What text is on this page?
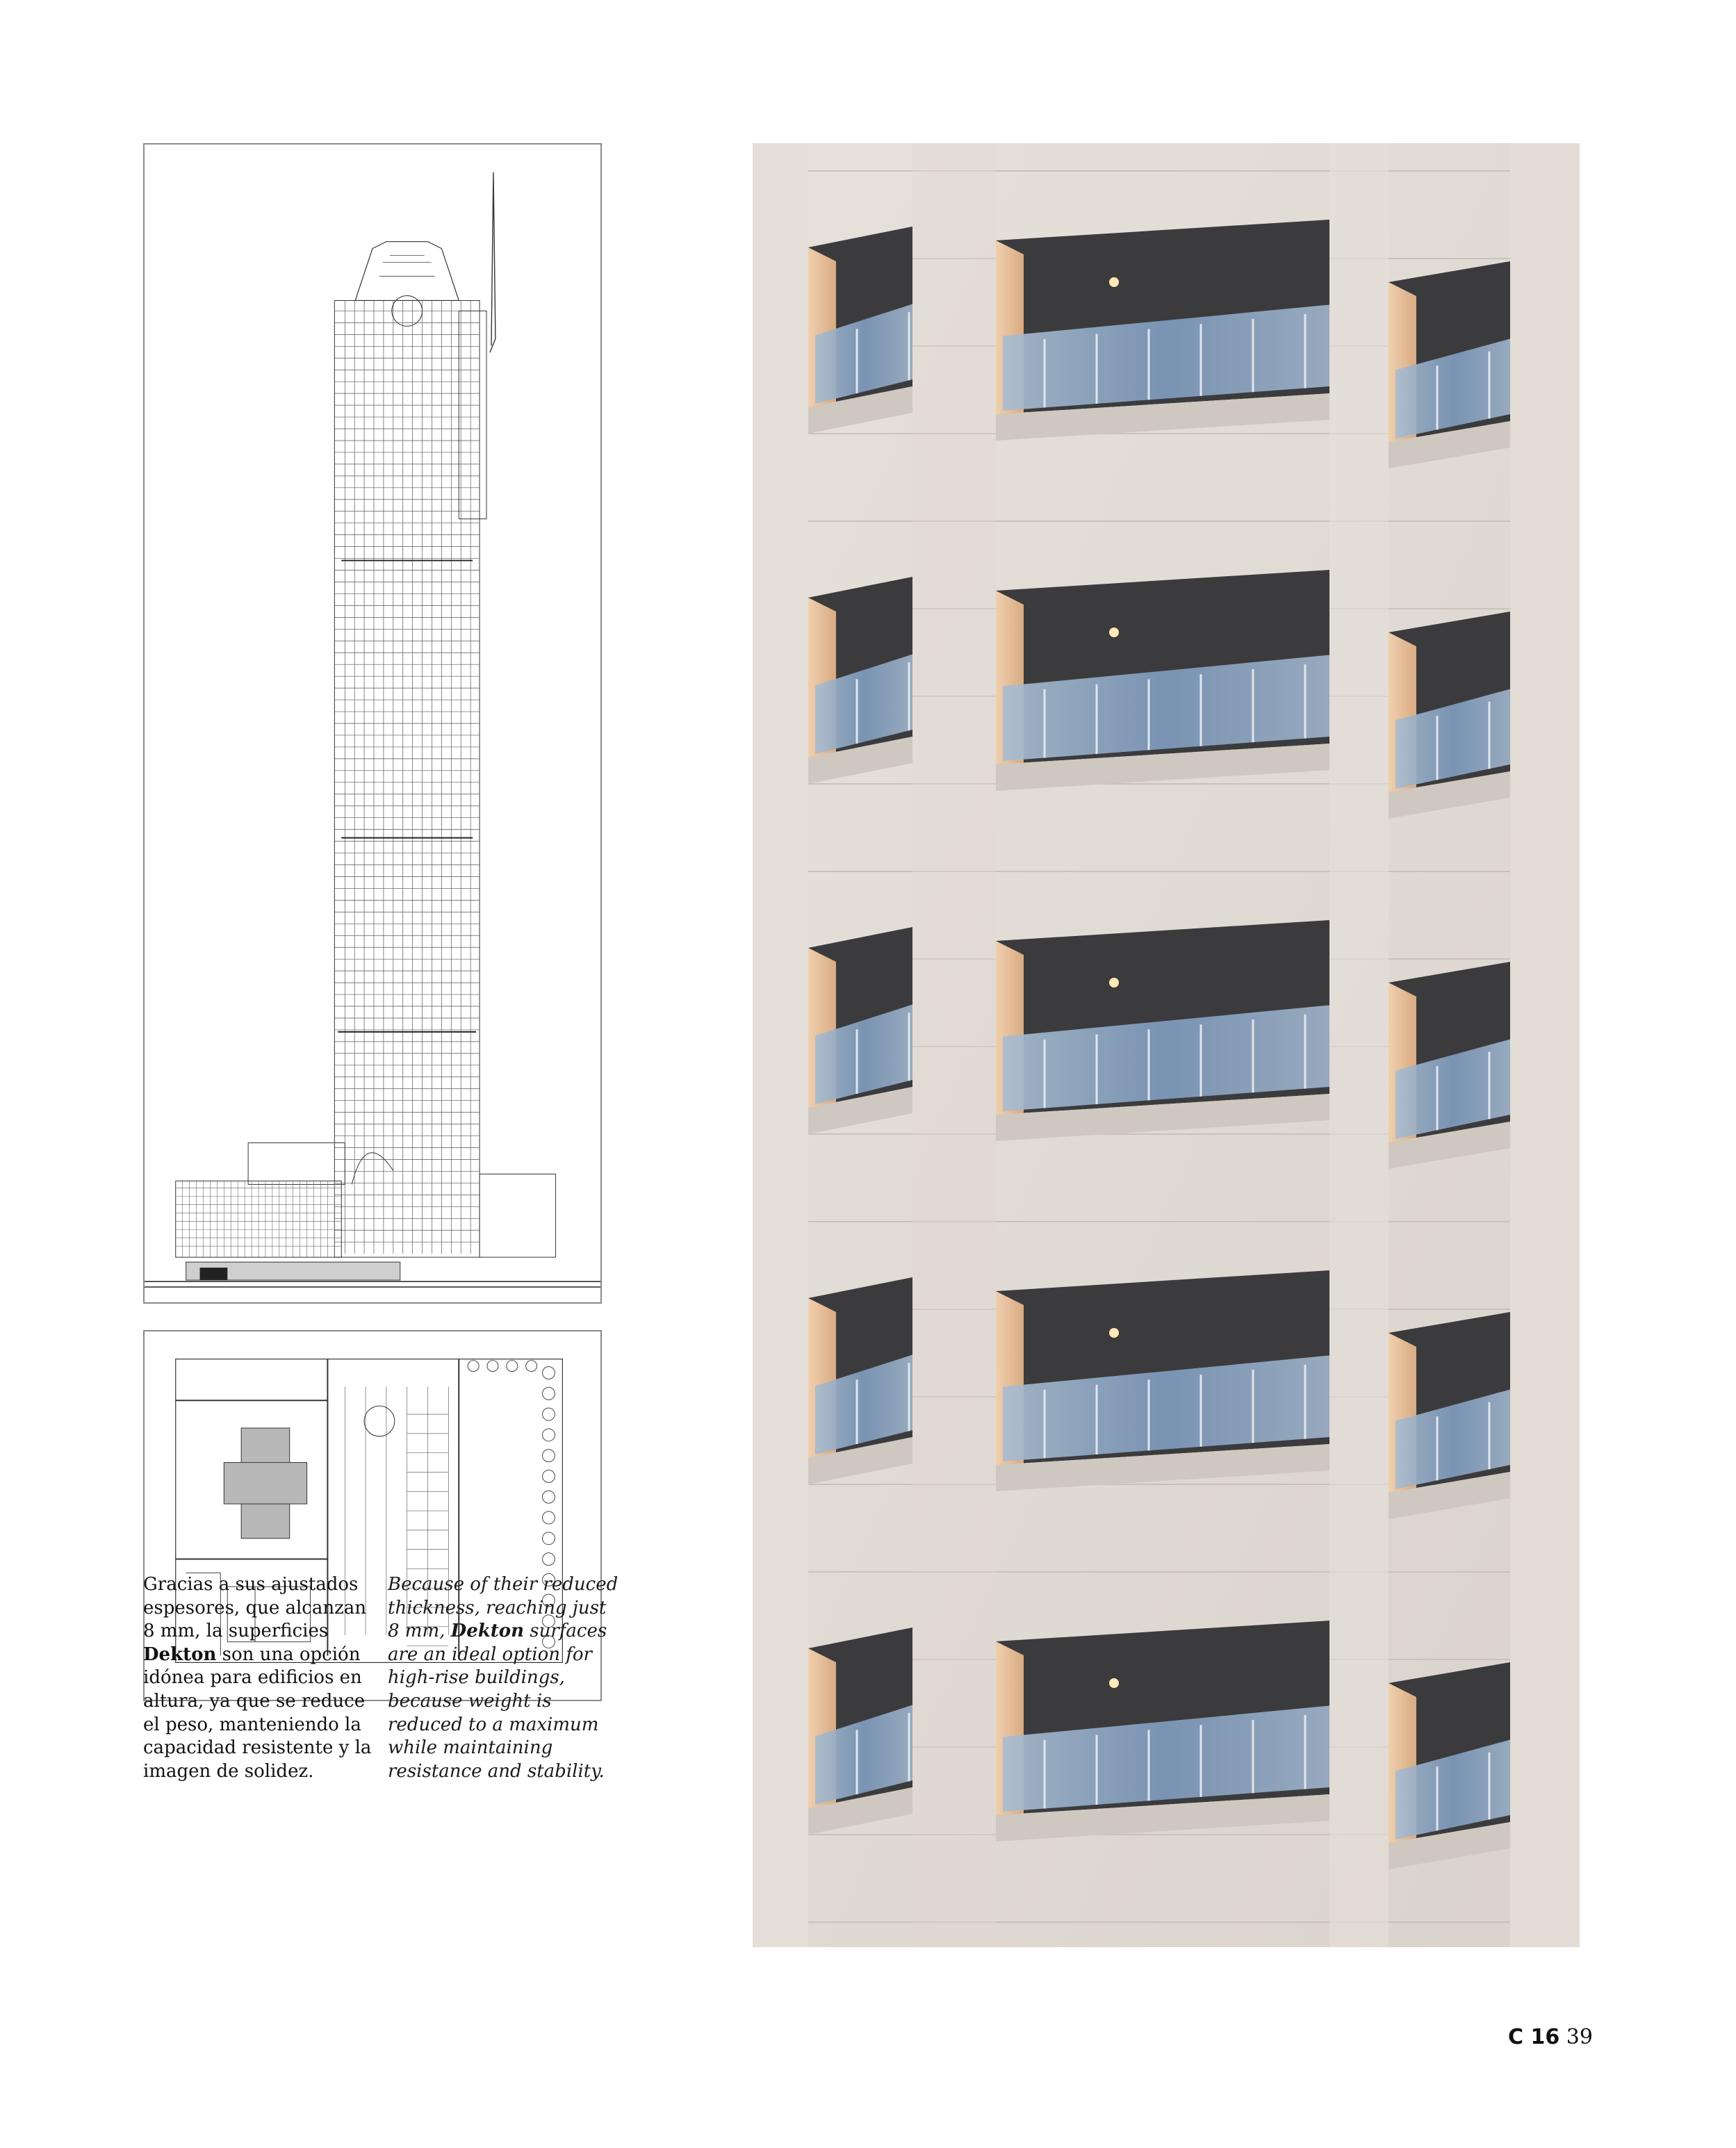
Gracias a sus ajustados
espesores, que alcanzan
8 mm, la superficies
Dekton son una opción
idónea para edificios en
altura, ya que se reduce
el peso, manteniendo la
capacidad resistente y la
imagen de solidez.
Because of their reduced
thickness, reaching just
8 mm, Dekton surfaces
are an ideal option for
high-rise buildings,
because weight is
reduced to a maximum
while maintaining
resistance and stability.
C 16 39
